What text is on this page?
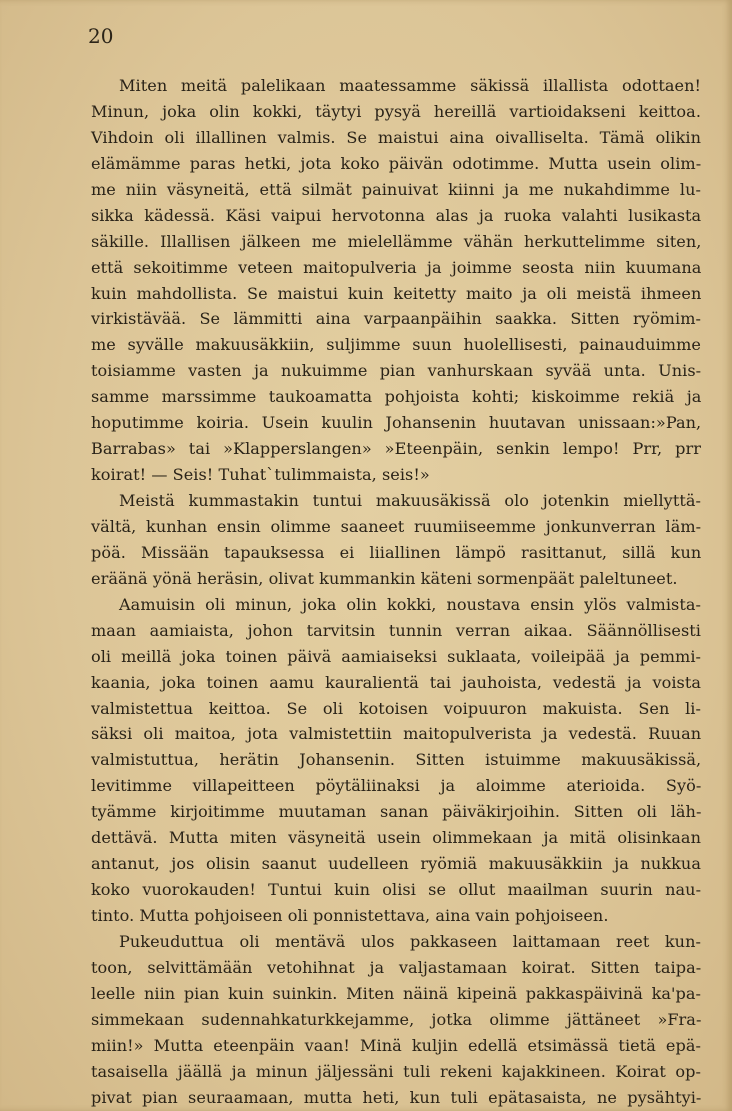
20
Miten meitä palelikaan maatessamme säkissä illallista odottaen!
Minun, joka olin kokki, täytyi pysyä hereillä vartioidakseni keittoa.
Vihdoin oli illallinen valmis. Se maistui aina oivalliselta. Tämä olikin
elämämme paras hetki, jota koko päivän odotimme. Mutta usein olim-
me niin väsyneitä, että silmät painuivat kiinni ja me nukahdimme lu-
sikka kädessä. Käsi vaipui hervotonna alas ja ruoka valahti lusikasta
säkille. Illallisen jälkeen me mielellämme vähän herkuttelimme siten,
että sekoitimme veteen maitopulveria ja joimme seosta niin kuumana
kuin mahdollista. Se maistui kuin keitetty maito ja oli meistä ihmeen
virkistävää. Se lämmitti aina varpaanpäihin saakka. Sitten ryömim-
me syvälle makuusäkkiin, suljimme suun huolellisesti, painauduimme
toisiamme vasten ja nukuimme pian vanhurskaan syvää unta. Unis-
samme marssimme taukoamatta pohjoista kohti; kiskoimme rekiä ja
hoputimme koiria. Usein kuulin Johansenin huutavan unissaan:»Pan,
Barrabas» tai »Klapperslangen» »Eteenpäin, senkin lempo! Prr, prr
koirat! — Seis! Tuhat`tulimmaista, seis!»
Meistä kummastakin tuntui makuusäkissä olo jotenkin miellyttä-
vältä, kunhan ensin olimme saaneet ruumiiseemme jonkunverran läm-
pöä. Missään tapauksessa ei liiallinen lämpö rasittanut, sillä kun
eräänä yönä heräsin, olivat kummankin käteni sormenpäät paleltuneet.
Aamuisin oli minun, joka olin kokki, noustava ensin ylös valmista-
maan aamiaista, johon tarvitsin tunnin verran aikaa. Säännöllisesti
oli meillä joka toinen päivä aamiaiseksi suklaata, voileipää ja pemmi-
kaania, joka toinen aamu kauralientä tai jauhoista, vedestä ja voista
valmistettua keittoa. Se oli kotoisen voipuuron makuista. Sen li-
säksi oli maitoa, jota valmistettiin maitopulverista ja vedestä. Ruuan
valmistuttua, herätin Johansenin. Sitten istuimme makuusäkissä,
levitimme villapeitteen pöytäliinaksi ja aloimme aterioida. Syö-
tyämme kirjoitimme muutaman sanan päiväkirjoihin. Sitten oli läh-
dettävä. Mutta miten väsyneitä usein olimmekaan ja mitä olisinkaan
antanut, jos olisin saanut uudelleen ryömiä makuusäkkiin ja nukkua
koko vuorokauden! Tuntui kuin olisi se ollut maailman suurin nau-
tinto. Mutta pohjoiseen oli ponnistettava, aina vain pohjoiseen.
Pukeuduttua oli mentävä ulos pakkaseen laittamaan reet kun-
toon, selvittämään vetohihnat ja valjastamaan koirat. Sitten taipa-
leelle niin pian kuin suinkin. Miten näinä kipeinä pakkaspäivinä ka'pa-
simmekaan sudennahkaturkkejamme, jotka olimme jättäneet »Fra-
miin!» Mutta eteenpäin vaan! Minä kuljin edellä etsimässä tietä epä-
tasaisella jäällä ja minun jäljessäni tuli rekeni kajakkineen. Koirat op-
pivat pian seuraamaan, mutta heti, kun tuli epätasaista, ne pysähtyi-
